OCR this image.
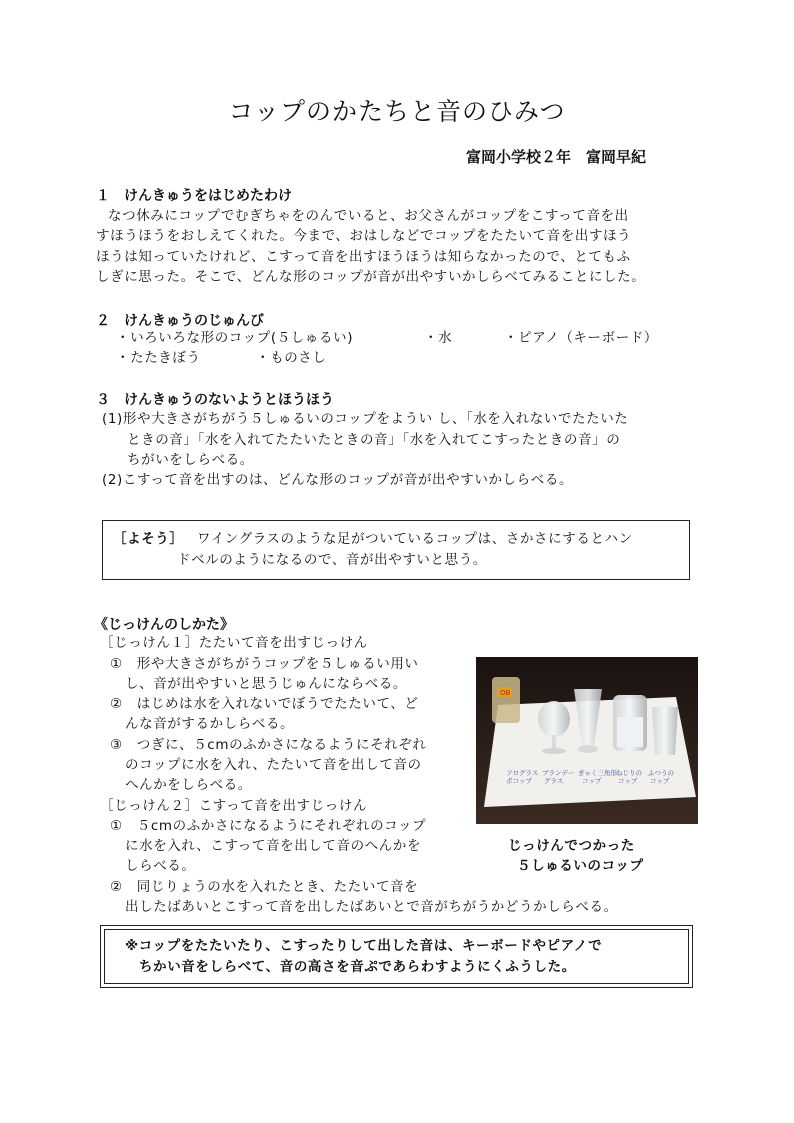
コップのかたちと音のひみつ
富岡小学校２年　富岡早紀
１　けんきゅうをはじめたわけ
なつ休みにコップでむぎちゃをのんでいると、お父さんがコップをこすって音を出
すほうほうをおしえてくれた。今まで、おはしなどでコップをたたいて音を出すほう
ほうは知っていたけれど、こすって音を出すほうほうは知らなかったので、とてもふ
しぎに思った。そこで、どんな形のコップが音が出やすいかしらべてみることにした。
２　けんきゅうのじゅんび
・いろいろな形のコップ(５しゅるい)	・水	・ピアノ（キーボード）
・たたきぼう	・ものさし
３　けんきゅうのないようとほうほう
(1)形や大きさがちがう５しゅるいのコップをようい し、「水を入れないでたたいた
ときの音」「水を入れてたたいたときの音」「水を入れてこすったときの音」の
ちがいをしらべる。
(2)こすって音を出すのは、どんな形のコップが音が出やすいかしらべる。
［よそう］ ワイングラスのような足がついているコップは、さかさにするとハン
ドベルのようになるので、音が出やすいと思う。
《じっけんのしかた》
［じっけん１］たたいて音を出すじっけん
①　形や大きさがちがうコップを５しゅるい用い
し、音が出やすいと思うじゅんにならべる。
②　はじめは水を入れないでぼうでたたいて、ど
んな音がするかしらべる。
③　つぎに、５cmのふかさになるようにそれぞれ
のコップに水を入れ、たたいて音を出して音の
へんかをしらべる。
［じっけん２］こすって音を出すじっけん
①　５cmのふかさになるようにそれぞれのコップ
に水を入れ、こすって音を出して音のへんかを
しらべる。
②　同じりょうの水を入れたとき、たたいて音を
出したばあいとこすって音を出したばあいとで音がちがうかどうかしらべる。
OB
フログラス
ポコップ
ブランデー
グラス
ぎゃく三角形
コップ
ねじりの
コップ
ふつうの
コップ
じっけんでつかった
５しゅるいのコップ
※コップをたたいたり、こすったりして出した音は、キーボードやピアノで
ちかい音をしらべて、音の高さを音ぷであらわすようにくふうした。
